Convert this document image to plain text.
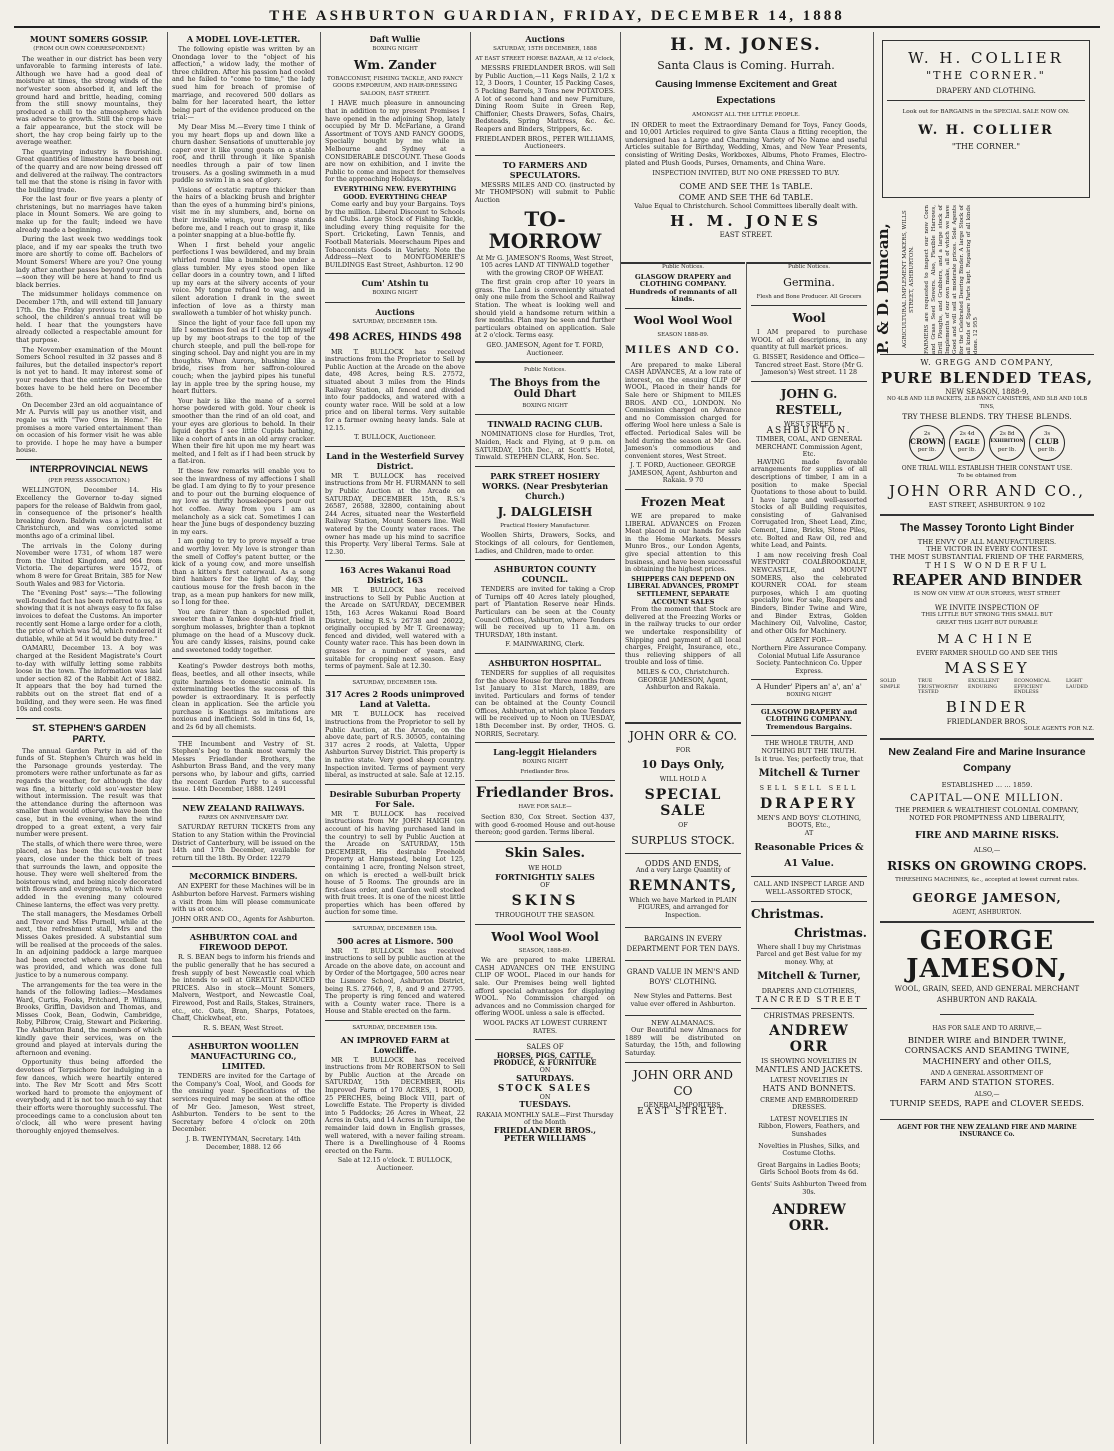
THE ASHBURTON GUARDIAN, FRIDAY, DECEMBER 14, 1888
MOUNT SOMERS GOSSIP.
(FROM OUR OWN CORRESPONDENT.)

The weather in our district has been very unfavorable to farming interests of late. Although we have had a good deal of moisture at times, the strong winds of the nor'wester soon absorbed it, and left the ground hard and brittle, heading, coming from the still snowy mountains, they produced a chill to the atmosphere which was adverse to growth. Still the crops have a fair appearance, but the stock will be short, the hay crop being fairly up to the average weather.

The quarrying industry is flourishing. Great quantities of limestone have been out of the quarry and are now being dressed off and delivered at the railway. The contractors tell me that the stone is rising in favor with the building trade.

For the last four or five years a plenty of christenings, but no marriages have taken place in Mount Somers. We are going to make up for the fault; indeed we have already made a beginning.

During the last week two weddings took place, and if my ear speaks the truth two more are shortly to come off. Bachelors of Mount Somers! Where are you? One young lady after another passes beyond your reach—soon they will be here at hand to find us black berries.

The midsummer holidays commence on December 17th, and will extend till January 17th. On the Friday previous to taking up school, the children's annual treat will be held. I hear that the youngsters have already collected a respectable amount for that purpose.

The November examination of the Mount Somers School resulted in 32 passes and 8 failures, but the detailed inspector's report is not yet to hand. It may interest some of your readers that the entries for two of the boxes have to be held here on December 26th.

On December 23rd an old acquaintance of Mr A. Purvis will pay us another visit, and regale us with "Two Ores in Home." He promises a more varied entertainment than on occasion of his former visit he was able to provide. I hope he may have a bumper house.

INTERPROVINCIAL NEWS
(PER PRESS ASSOCIATION.)

WELLINGTON, December 14. His Excellency the Governor to-day signed papers for the release of Baldwin from gaol, in consequence of the prisoner's health breaking down. Baldwin was a journalist at Christchurch, and was convicted some months ago of a criminal libel.

The arrivals in the Colony during November were 1731, of whom 187 were from the United Kingdom, and 964 from Victoria. The departures were 1572, of whom 8 were for Great Britain, 385 for New South Wales and 983 for Victoria.

The "Evening Post" says:—"The following well-founded fact has been referred to us, as showing that it is not always easy to fix false invoices to defeat the Customs. An importer recently sent Home a large order for a cloth, the price of which was 5d, which rendered it dutiable, while at 5d it would be duty free."

OAMARU, December 13. A boy was charged at the Resident Magistrate's Court to-day with wilfully letting some rabbits loose in the town. The information was laid under section 82 of the Rabbit Act of 1882. It appears that the boy had turned the rabbits out on the street flat end of a building, and they were seen. He was fined 10s and costs.

ST. STEPHEN'S GARDEN PARTY.

The annual Garden Party in aid of the funds of St. Stephen's Church was held in the Parsonage grounds yesterday. The promoters were rather unfortunate as far as regards the weather, for although the day was fine, a bitterly cold sou'-wester blew without intermission. The result was that the attendance during the afternoon was smaller than would otherwise have been the case, but in the evening, when the wind dropped to a great extent, a very fair number were present.

The stalls, of which there were three, were placed, as has been the custom in past years, close under the thick belt of trees that surrounds the lawn, and opposite the house. They were well sheltered from the boisterous wind, and being nicely decorated with flowers and evergreens, to which were added in the evening many coloured Chinese lanterns, the effect was very pretty.

The stall managers, the Mesdames Orbell and Trevor and Miss Purnell, while at the next, the refreshment stall, Mrs and the Misses Oakes presided. A substantial sum will be realised at the proceeds of the sales. In an adjoining paddock a large marquee had been erected where an excellent tea was provided, and which was done full justice to by a numerous company.

The arrangements for the tea were in the hands of the following ladies:—Mesdames Ward, Curtis, Fooks, Pritchard, P. Williams, Brooks, Griffin, Davidson and Thomas, and Misses Cook, Bean, Godwin, Cambridge, Roby, Pilbrow, Craig, Stewart and Pickering. The Ashburton Band, the members of which kindly gave their services, was on the ground and played at intervals during the afternoon and evening.

Opportunity thus being afforded the devotees of Terpsichore for indulging in a few dances, which were heartily entered into. The Rev Mr Scott and Mrs Scott worked hard to promote the enjoyment of everybody, and it is not too much to say that their efforts were thoroughly successful. The proceedings came to a conclusion about ten o'clock, all who were present having thoroughly enjoyed themselves.

A MODEL LOVE-LETTER.

The following epistle was written by an Onondaga lover to the "object of his affection," a widow lady, the mother of three children. After his passion had cooled and he failed to "come to time," the lady sued him for breach of promise of marriage, and recovered 500 dollars as balm for her lacerated heart, the letter being part of the evidence produced on the trial:—

My Dear Miss M.—Every time I think of you my heart flops up and down like a churn dasher. Sensations of unutterable joy caper over it like young goats on a stable roof, and thrill through it like Spanish needles through a pair of tow linen trousers. As a gosling swimmeth in a mud puddle so swim I in a sea of glory.

Visions of ecstatic rapture thicker than the hairs of a blacking brush and brighter than the eyes of a humming bird's pinions, visit me in my slumbers, and, borne on their invisible wings, your image stands before me, and I reach out to grasp it, like a pointer snapping at a blue-bottle fly.

When I first beheld your angelic perfections I was bewildered, and my brain whirled round like a bumble bee under a glass tumbler. My eyes stood open like cellar doors in a country town, and I lifted up my ears at the silvery accents of your voice. My tongue refused to wag, and in silent adoration I drank in the sweet infection of love as a thirsty man swalloweth a tumbler of hot whisky punch.

Since the light of your face fell upon my life I sometimes feel as if I could lift myself up by my boot-straps to the top of the church steeple, and pull the bell-rope for singing school. Day and night you are in my thoughts. When Aurora, blushing like a bride, rises from her saffron-coloured couch; when the jaybird pipes his tuneful lay in apple tree by the spring house, my heart flutters.

Your hair is like the mane of a sorrel horse powdered with gold. Your cheek is smoother than the rind of an old coat, and your eyes are glorious to behold. In their liquid depths I see little Cupids bathing, like a cohort of ants in an old army cracker. When their fire hit upon me my heart was melted, and I felt as if I had been struck by a flat-iron.

If these few remarks will enable you to see the inwardness of my affections I shall be glad. I am dying to fly to your presence and to pour out the burning eloquence of my love as thrifty housekeepers pour out hot coffee. Away from you I am as melancholy as a sick cat. Sometimes I can hear the June bugs of despondency buzzing in my ears.

I am going to try to prove myself a true and worthy lover. My love is stronger than the smell of Coffey's patent butter, or the kick of a young cow, and more unselfish than a kitten's first caterwaul. As a song bird hankers for the light of day, the cautious mouse for the fresh bacon in the trap, as a mean pup hankers for new milk, so I long for thee.

You are fairer than a speckled pullet, sweeter than a Yankee dough-nut fried in sorghum molasses, brighter than a topknot plumage on the head of a Muscovy duck. You are candy kisses, raisins, pound cake and sweetened toddy together.

Keating's Powder destroys both moths, fleas, beetles, and all other insects, while quite harmless to domestic animals. In exterminating beetles the success of this powder is extraordinary. It is perfectly clean in application. See the article you purchase is Keatings as imitations are noxious and inefficient. Sold in tins 6d, 1s, and 2s 6d by all chemists.

THE Incumbent and Vestry of St. Stephen's beg to thank most warmly the Messrs Friedlander Brothers, the Ashburton Brass Band, and the very many persons who, by labour and gifts, carried the recent Garden Party to a successful issue. 14th December, 1888. 12491

NEW ZEALAND RAILWAYS.
FARES ON ANNIVERSARY DAY.

SATURDAY RETURN TICKETS from any Station to any Station within the Provincial District of Canterbury, will be issued on the 14th and 17th December, available for return till the 18th. By Order. 12279

McCORMICK BINDERS.

AN EXPERT for these Machines will be in Ashburton before Harvest. Farmers wishing a visit from him will please communicate with us at once.

JOHN ORR AND CO., Agents for Ashburton.

ASHBURTON COAL and FIREWOOD DEPOT.

R. S. BEAN begs to inform his friends and the public generally that he has secured a fresh supply of best Newcastle coal which he intends to sell at GREATLY REDUCED PRICES. Also in stock—Mount Somers, Malvern, Westport, and Newcastle Coal, Firewood, Post and Rails, Stakes, Strainers, etc., etc. Oats, Bran, Sharps, Potatoes, Chaff, Chickwheat, etc.

R. S. BEAN, West Street.

ASHBURTON WOOLLEN MANUFACTURING CO., LIMITED.

TENDERS are invited for the Cartage of the Company's Coal, Wool, and Goods for the ensuing year. Specifications of the services required may be seen at the office of Mr Geo. Jameson, West street, Ashburton. Tenders to be sent to the Secretary before 4 o'clock on 20th December.

J. B. TWENTYMAN, Secretary. 14th December, 1888. 12 66

Daft Wullie
BOXING NIGHT
Wm. Zander
TOBACCONIST, FISHING TACKLE, AND FANCY GOODS EMPORIUM, AND HAIR-DRESSING SALOON, EAST STREET.

I HAVE much pleasure in announcing that in addition to my present Premises I have opened in the adjoining Shop, lately occupied by Mr D. McFarlane, a Grand Assortment of TOYS AND FANCY GOODS, Specially bought by me while in Melbourne and Sydney at a CONSIDERABLE DISCOUNT. These Goods are now on exhibition, and I invite the Public to come and inspect for themselves for the approaching Holidays.

EVERYTHING NEW. EVERYTHING GOOD. EVERYTHING CHEAP

Come early and buy your Bargains. Toys by the million. Liberal Discount to Schools and Clubs. Large Stock of Fishing Tackle, including every thing requisite for the Sport. Cricketing, Lawn Tennis, and Football Materials. Meerschaum Pipes and Tobacconists Goods in Variety. Note the Address—Next to MONTGOMERIE'S BUILDINGS East Street, Ashburton. 12 90

Cum' Atshin tu
BOXING NIGHT
Auctions
SATURDAY, DECEMBER 15th.
498 ACRES, HINDS 498

MR T. BULLOCK has received instructions from the Proprietor to Sell by Public Auction at the Arcade on the above date, 498 Acres, being R.S. 27572, situated about 3 miles from the Hinds Railway Station, all fenced and divided into four paddocks, and watered with a county water race. Will be sold at a low price and on liberal terms. Very suitable for a farmer owning heavy lands. Sale at 12.15.

T. BULLOCK, Auctioneer.

Land in the Westerfield Survey District.

MR T. BULLOCK has received instructions from Mr H. FURMANN to sell by Public Auction at the Arcade on SATURDAY, DECEMBER 15th, R.S.'s 26587, 26588, 32800, containing about 244 Acres, situated near the Westerfield Railway Station, Mount Somers line. Well watered by the County water races. The owner has made up his mind to sacrifice this Property. Very liberal Terms. Sale at 12.30.

163 Acres Wakanui Road District, 163

MR T. BULLOCK has received instructions to Sell by Public Auction at the Arcade on SATURDAY, DECEMBER 15th, 163 Acres Wakanui Road Board District, being R.S.'s 26738 and 26022, originally occupied by Mr T. Greenaway; fenced and divided, well watered with a County water race. This has been down in grasses for a number of years, and suitable for cropping next season. Easy terms of payment. Sale at 12.30.

SATURDAY, DECEMBER 15th.
317 Acres 2 Roods unimproved Land at Valetta.

MR T. BULLOCK has received instructions from the Proprietor to sell by Public Auction, at the Arcade, on the above date, part of R.S. 30505, containing 317 acres 2 roods, at Valetta, Upper Ashburton Survey District. This property is in native state. Very good sheep country. Inspection invited. Terms of payment very liberal, as instructed at sale. Sale at 12.15.

Desirable Suburban Property For Sale.

MR T. BULLOCK has received instructions from Mr JOHN HAIGH (on account of his having purchased land in the country) to sell by Public Auction at the Arcade on SATURDAY, 15th DECEMBER, His desirable Freehold Property at Hampstead, being Lot 125, containing 1 acre, fronting Nelson street, on which is erected a well-built brick house of 5 Rooms. The grounds are in first-class order, and Garden well stocked with fruit trees. It is one of the nicest little properties which has been offered by auction for some time.

SATURDAY, DECEMBER 15th.
500 acres at Lismore. 500

MR T. BULLOCK has received instructions to sell by public auction at the Arcade on the above date, on account and by Order of the Mortgagee, 500 acres near the Lismore School, Ashburton District, being R.S. 27646, 7, 8, and 9 and 27795. The property is ring fenced and watered with a County water race. There is a House and Stable erected on the farm.

SATURDAY, DECEMBER 15th.
AN IMPROVED FARM at Lowcliffe.

MR T. BULLOCK has received instructions from Mr ROBERTSON to Sell by Public Auction at the Arcade on SATURDAY, 15th DECEMBER, His Improved Farm of 170 ACRES, 1 ROOD, 25 PERCHES, being Block VIII, part of Lowcliffe Estate. The Property is divided into 5 Paddocks; 26 Acres in Wheat, 22 Acres in Oats, and 14 Acres in Turnips, the remainder laid down in English grasses, well watered, with a never failing stream. There is a Dwellinghouse of 4 Rooms erected on the Farm.

Sale at 12.15 o'clock. T. BULLOCK, Auctioneer.

Auctions
SATURDAY, 15TH DECEMBER, 1888
AT EAST STREET HORSE BAZAAR, At 12 o'clock,

MESSRS FRIEDLANDER BROS. will Sell by Public Auction,—11 Kegs Nails, 2 1/2 x 12, 3 Doors, 1 Counter, 15 Packing Cases, 5 Packing Barrels, 3 Tons new POTATOES. A lot of second hand and new Furniture, Dining Room Suite in Green Rep, Chiffonier, Chests Drawers, Sofas, Chairs, Bedsteads, Spring Mattress, &c. &c. Reapers and Binders, Strippers, &c.

FRIEDLANDER BROS., PETER WILLIAMS, Auctioneers.

TO FARMERS AND SPECULATORS.

MESSRS MILES AND CO. (instructed by Mr THOMPSON) will submit to Public Auction

TO-MORROW

At Mr G. JAMESON'S Rooms, West Street, 105 acres LAND AT TINWALD together with the growing CROP OF WHEAT.

The first grain crop after 10 years in grass. The Land is conveniently situated only one mile from the School and Railway Station. The wheat is looking well and should yield a handsome return within a few months. Plan may be seen and further particulars obtained on application. Sale at 2 o'clock. Terms easy.

GEO. JAMESON, Agent for T. FORD, Auctioneer.

Public Notices.
The Bhoys from the Ould Dhart
BOXING NIGHT
TINWALD RACING CLUB.

NOMINATIONS close for Hurdles, Trot, Maiden, Hack and Flying, at 9 p.m. on SATURDAY, 15th Dec., at Scott's Hotel, Tinwald. STEPHEN CLARK, Hon. Sec.

PARK STREET HOSIERY WORKS. (Near Presbyterian Church.)
J. DALGLEISH
Practical Hosiery Manufacturer.

Woollen Shirts, Drawers, Socks, and Stockings of all colours, for Gentlemen, Ladies, and Children, made to order.

ASHBURTON COUNTY COUNCIL.

TENDERS are invited for taking a Crop of Turnips off 40 Acres lately ploughed, part of Plantation Reserve near Hinds. Particulars can be seen at the County Council Offices, Ashburton, where Tenders will be received up to 11 a.m. on THURSDAY, 18th instant.

F. MAINWARING, Clerk.

ASHBURTON HOSPITAL.

TENDERS for supplies of all requisites for the above House for three months from 1st January to 31st March, 1889, are invited. Particulars and forms of tender can be obtained at the County Council Offices, Ashburton, at which place Tenders will be received up to Noon on TUESDAY, 18th December inst. By order, THOS. G. NORRIS, Secretary.

Lang-leggit Hielanders
BOXING NIGHT
Friedlander Bros.
Friedlander Bros.
HAVE FOR SALE—

Section 830, Cox Street. Section 437, with good 6-roomed House and out-house thereon; good garden. Terms liberal.

Skin Sales.
WE HOLD
FORTNIGHTLY SALES
OF
SKINS
THROUGHOUT THE SEASON.
Wool Wool Wool
SEASON, 1888-89.

We are prepared to make LIBERAL CASH ADVANCES ON THE ENSUING CLIP OF WOOL. Placed in our hands for sale. Our Premises being well lighted afford special advantages for displaying WOOL. No Commission charged on advances and no Commission charged for offering WOOL unless a sale is effected.

WOOL PACKS AT LOWEST CURRENT RATES.
SALES OF
HORSES, PIGS, CATTLE, PRODUCE, & FURNITURE
ON
SATURDAYS.
STOCK SALES
ON
TUESDAYS.
RAKAIA MONTHLY SALE—First Thursday of the Month
FRIEDLANDER BROS.,
PETER WILLIAMS
H. M. JONES.
Santa Claus is Coming. Hurrah.
Causing Immense Excitement and Great Expectations
AMONGST ALL THE LITTLE PEOPLE.

IN ORDER to meet the Extraordinary Demand for Toys, Fancy Goods, and 10,001 Articles required to give Santa Claus a fitting reception, the undersigned has a Large and Charming Variety of No Name and useful Articles suitable for Birthday, Wedding, Xmas, and New Year Presents, consisting of Writing Desks, Workboxes, Albums, Photo Frames, Electro-plated and Plush Goods, Purses, Ornaments, and China Ware.

INSPECTION INVITED, BUT NO ONE PRESSED TO BUY.
COME AND SEE THE 1s TABLE.
COME AND SEE THE 6d TABLE.
Value Equal to Christchurch. School Committees liberally dealt with.
H. M. JONES
EAST STREET.
Public Notices.
GLASGOW DRAPERY and CLOTHING COMPANY. Hundreds of remnants of all kinds.
Wool Wool Wool
SEASON 1888-89.
MILES AND CO.

Are prepared to make Liberal CASH ADVANCES, At a low rate of interest, on the ensuing CLIP OF WOOL, Placed in their hands for Sale here or Shipment to MILES BROS. AND CO., LONDON. No Commission charged on Advance and no Commission charged for offering Wool here unless a Sale is effected. Periodical Sales will be held during the season at Mr Geo. Jameson's commodious and convenient stores, West Street.

J. T. FORD, Auctioneer. GEORGE JAMESON, Agent, Ashburton and Rakaia. 9 70

Frozen Meat

WE are prepared to make LIBERAL ADVANCES on Frozen Meat placed in our hands for sale in the Home Markets. Messrs Munro Bros., our London Agents, give special attention to this business, and have been successful in obtaining the highest prices.

SHIPPERS CAN DEPEND ON LIBERAL ADVANCES, PROMPT SETTLEMENT, SEPARATE ACCOUNT SALES

From the moment that Stock are delivered at the Freezing Works or in the railway trucks to our order we undertake responsibility of Shipping and payment of all local charges, Freight, Insurance, etc., thus relieving shippers of all trouble and loss of time.

MILES & CO., Christchurch. GEORGE JAMESON, Agent, Ashburton and Rakaia.

JOHN ORR & CO.
FOR
10 Days Only,
WILL HOLD A
SPECIAL SALE
OF
SURPLUS STOCK.
ODDS AND ENDS,
And a very Large Quantity of
REMNANTS,
Which we have Marked in PLAIN FIGURES, and arranged for Inspection.
BARGAINS IN EVERY DEPARTMENT FOR TEN DAYS.
GRAND VALUE IN MEN'S AND BOYS' CLOTHING.
New Styles and Patterns. Best value ever offered in Ashburton.
NEW ALMANACS.

Our Beautiful new Almanacs for 1889 will be distributed on Saturday, the 15th, and following Saturday.

JOHN ORR AND CO
GENERAL IMPORTERS,
EAST STREET.
Public Notices.
Germina.
Flesh and Bone Producer. All Grocers
Wool

I AM prepared to purchase WOOL of all descriptions, in any quantity at full market prices.

G. BISSET, Residence and Office—Tancred street East. Store (Mr G. Jameson's) West street. 11 28

JOHN G. RESTELL,
WEST STREET,
ASHBURTON.
TIMBER, COAL, AND GENERAL MERCHANT. Commission Agent, Etc.

HAVING made favorable arrangements for supplies of all descriptions of timber, I am in a position to make Special Quotations to those about to build. I have large and well-assorted Stocks of all Building requisites, consisting of Galvanised Corrugated Iron, Sheet Lead, Zinc, Cement, Lime, Bricks, Stone Piles, etc. Bolted and Raw Oil, red and white Lead, and Paints.

I am now receiving fresh Coal WESTPORT COALBROOKDALE, NEWCASTLE, and MOUNT SOMERS, also the celebrated KOURNER COAL for steam purposes, which I am quoting specially low. For sale, Reapers and Binders, Binder Twine and Wire, and Binder Extras, Golden Machinery Oil, Valvoline, Castor, and other Oils for Machinery.

AGENT FOR—

Northern Fire Assurance Company. Colonial Mutual Life Assurance Society. Pantechnicon Co. Upper Express.

A Hunder' Pipers an' a', an' a'
BOXING NIGHT
GLASGOW DRAPERY and CLOTHING COMPANY. Tremendous Bargains.
THE WHOLE TRUTH, AND NOTHING BUT THE TRUTH.
Is it true. Yes; perfectly true, that
Mitchell & Turner
SELL SELL SELL
DRAPERY
MEN'S AND BOYS' CLOTHING, BOOTS, Etc.,
AT
Reasonable Prices & A1 Value.
CALL AND INSPECT LARGE AND WELL-ASSORTED STOCK,
Christmas.
Christmas.
Where shall I buy my Christmas Parcel and get Best value for my money. Why, at
Mitchell & Turner,
DRAPERS AND CLOTHIERS,
TANCRED STREET
CHRISTMAS PRESENTS.
ANDREW ORR
IS SHOWING NOVELTIES IN
MANTLES AND JACKETS.
LATEST NOVELTIES IN
HATS AND BONNETS.
CREME AND EMBROIDERED
DRESSES.
LATEST NOVELTIES IN
Ribbon, Flowers, Feathers, and Sunshades
Novelties in Plushes, Silks, and Costume Cloths.
Great Bargains in Ladies Boots; Girls School Boots from 4s 6d.
Gents' Suits Ashburton Tweed from 30s.
ANDREW ORR.
W. H. COLLIER
"THE CORNER."
DRAPERY AND CLOTHING.
Look out for BARGAINS in the SPECIAL SALE NOW ON.
W. H. COLLIER
"THE CORNER."
P. & D. Duncan,	AGRICULTURAL IMPLEMENT MAKERS, WILLS STREET, ASHBURTON.	FARMERS are requested to inspect our now Corn and Grass Seed Sowers. Also, Flexible Harrows, Drill Ploughs, and Grubbers, and a large stock of Implements of our own make, all of which we have Good and will sell at moderate prices. Sole Agents for the Celebrated Deering Binder. A large Stock of all kinds of Spare Parts kept. Repairing of all kinds done. 12 955
W. GREGG AND COMPANY,
PURE BLENDED TEAS,
NEW SEASON, 1888-9,
NO 4LB AND 1LB PACKETS, 2LB FANCY CANISTERS, AND 5LB AND 10LB TINS,
TRY THESE BLENDS. TRY THESE BLENDS.
2s
CROWN
per lb.
2s 4d
EAGLE
per lb.
2s 8d
EXHIBITION
per lb.
3s
CLUB
per lb.
ONE TRIAL WILL ESTABLISH THEIR CONSTANT USE.
To be obtained from
JOHN ORR AND CO.,
EAST STREET, ASHBURTON. 9 102
The Massey Toronto Light Binder
THE ENVY OF ALL MANUFACTURERS.
THE VICTOR IN EVERY CONTEST.
THE MOST SUBSTANTIAL FRIEND OF THE FARMERS,
THIS WONDERFUL
REAPER AND BINDER
IS NOW ON VIEW AT OUR STORES, WEST STREET
WE INVITE INSPECTION OF
THIS LITTLE BUT STRONG THIS SMALL BUT GREAT THIS LIGHT BUT DURABLE
MACHINE
EVERY FARMER SHOULD GO AND SEE THIS
MASSEY
SOLID SIMPLE
TRUE TRUSTWORTHY TESTED
EXCELLENT ENDURING
ECONOMICAL EFFICIENT ENDLESS
LIGHT LAUDED
BINDER
FRIEDLANDER BROS.
SOLE AGENTS FOR N.Z.
New Zealand Fire and Marine Insurance Company
ESTABLISHED ... ... 1859.
CAPITAL—ONE MILLION.
THE PREMIER & WEALTHIEST COLONIAL COMPANY,
NOTED FOR PROMPTNESS AND LIBERALITY,
FIRE AND MARINE RISKS.
ALSO,—
RISKS ON GROWING CROPS.
THRESHING MACHINES, &c., accepted at lowest current rates.
GEORGE JAMESON,
AGENT, ASHBURTON.
GEORGE JAMESON,
WOOL, GRAIN, SEED, AND GENERAL MERCHANT
ASHBURTON AND RAKAIA.
HAS FOR SALE AND TO ARRIVE,—
BINDER WIRE and BINDER TWINE,
CORNSACKS AND SEAMING TWINE,
MACHINERY and other OILS,
AND A GENERAL ASSORTMENT OF
FARM AND STATION STORES.
ALSO,—
TURNIP SEEDS, RAPE and CLOVER SEEDS.
AGENT FOR THE NEW ZEALAND FIRE AND MARINE INSURANCE Co.
